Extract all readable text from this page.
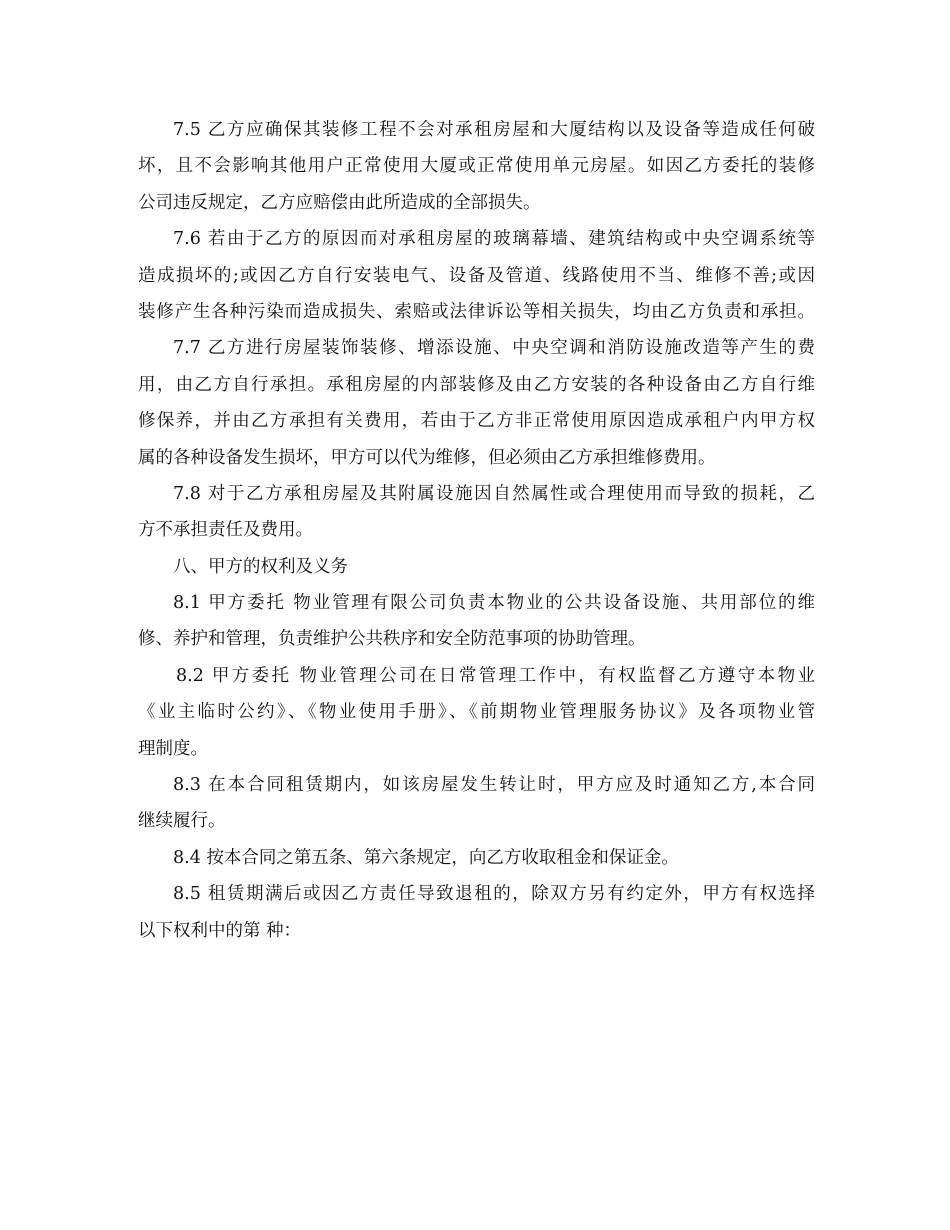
7.5 乙方应确保其装修工程不会对承租房屋和大厦结构以及设备等造成任何破
坏，且不会影响其他用户正常使用大厦或正常使用单元房屋。如因乙方委托的装修
公司违反规定，乙方应赔偿由此所造成的全部损失。

7.6 若由于乙方的原因而对承租房屋的玻璃幕墙、建筑结构或中央空调系统等
造成损坏的;或因乙方自行安装电气、设备及管道、线路使用不当、维修不善;或因
装修产生各种污染而造成损失、索赔或法律诉讼等相关损失，均由乙方负责和承担。

7.7 乙方进行房屋装饰装修、增添设施、中央空调和消防设施改造等产生的费
用，由乙方自行承担。承租房屋的内部装修及由乙方安装的各种设备由乙方自行维
修保养，并由乙方承担有关费用，若由于乙方非正常使用原因造成承租户内甲方权
属的各种设备发生损坏，甲方可以代为维修，但必须由乙方承担维修费用。

7.8 对于乙方承租房屋及其附属设施因自然属性或合理使用而导致的损耗，乙
方不承担责任及费用。

八、甲方的权利及义务

8.1 甲方委托 物业管理有限公司负责本物业的公共设备设施、共用部位的维
修、养护和管理，负责维护公共秩序和安全防范事项的协助管理。

8.2 甲方委托 物业管理公司在日常管理工作中，有权监督乙方遵守本物业
《业主临时公约》、《物业使用手册》、《前期物业管理服务协议》及各项物业管
理制度。

8.3 在本合同租赁期内，如该房屋发生转让时，甲方应及时通知乙方,本合同
继续履行。

8.4 按本合同之第五条、第六条规定，向乙方收取租金和保证金。

8.5 租赁期满后或因乙方责任导致退租的，除双方另有约定外，甲方有权选择
以下权利中的第 种：
